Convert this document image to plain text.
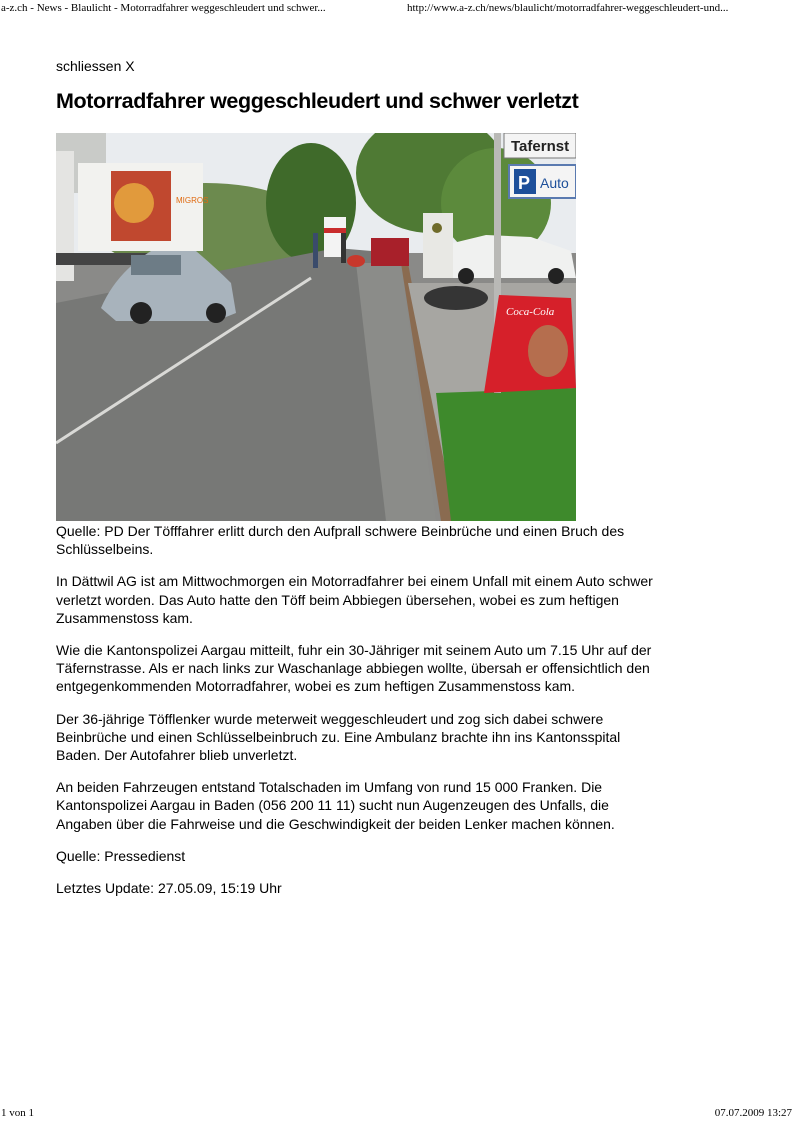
a-z.ch - News - Blaulicht - Motorradfahrer weggeschleudert und schwer...	http://www.a-z.ch/news/blaulicht/motorradfahrer-weggeschleudert-und...
schliessen X
Motorradfahrer weggeschleudert und schwer verletzt
MIGROS
Tafernst
P Auto
Coca-Cola

Quelle: PD Der Töfffahrer erlitt durch den Aufprall schwere Beinbrüche und einen Bruch des Schlüsselbeins.

In Dättwil AG ist am Mittwochmorgen ein Motorradfahrer bei einem Unfall mit einem Auto schwer verletzt worden. Das Auto hatte den Töff beim Abbiegen übersehen, wobei es zum heftigen Zusammenstoss kam.

Wie die Kantonspolizei Aargau mitteilt, fuhr ein 30-Jähriger mit seinem Auto um 7.15 Uhr auf der Täfernstrasse. Als er nach links zur Waschanlage abbiegen wollte, übersah er offensichtlich den entgegenkommenden Motorradfahrer, wobei es zum heftigen Zusammenstoss kam.

Der 36-jährige Töfflenker wurde meterweit weggeschleudert und zog sich dabei schwere Beinbrüche und einen Schlüsselbeinbruch zu. Eine Ambulanz brachte ihn ins Kantonsspital Baden. Der Autofahrer blieb unverletzt.

An beiden Fahrzeugen entstand Totalschaden im Umfang von rund 15 000 Franken. Die Kantonspolizei Aargau in Baden (056 200 11 11) sucht nun Augenzeugen des Unfalls, die Angaben über die Fahrweise und die Geschwindigkeit der beiden Lenker machen können.

Quelle: Pressedienst

Letztes Update: 27.05.09, 15:19 Uhr

1 von 1	07.07.2009 13:27
